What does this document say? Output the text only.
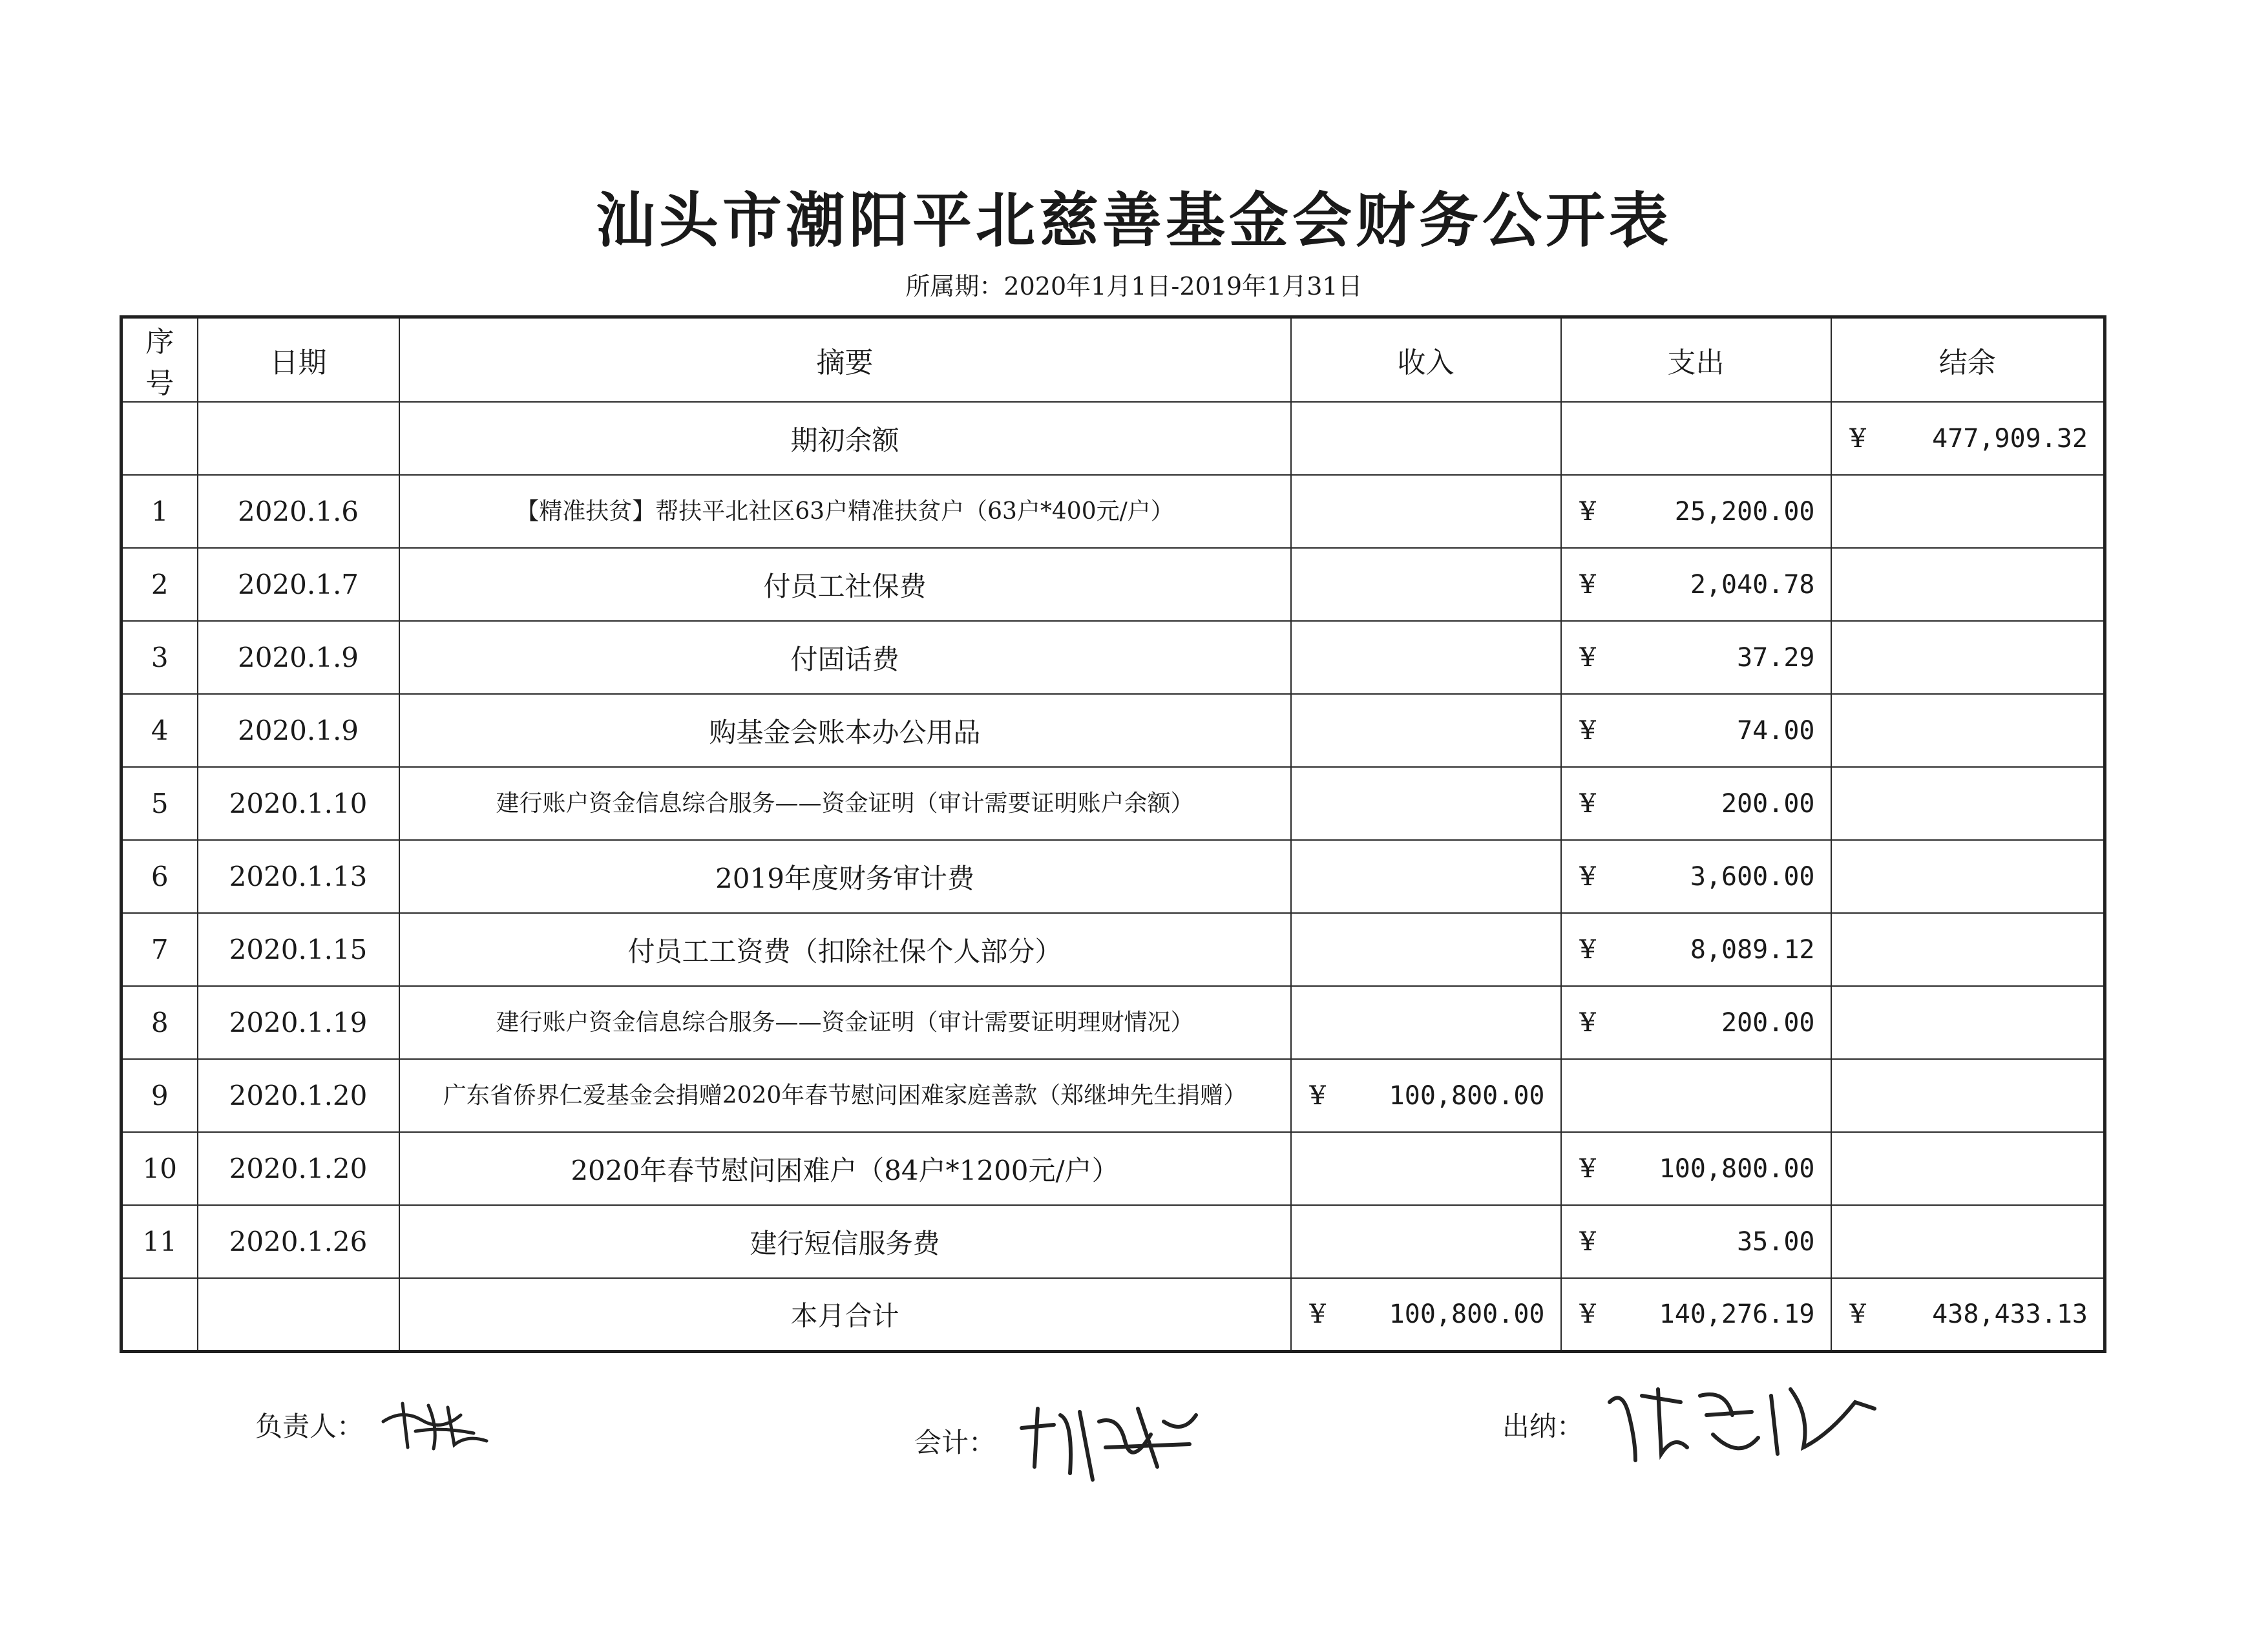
汕头市潮阳平北慈善基金会财务公开表
所属期：2020年1月1日-2019年1月31日
序号	日期	摘要	收入	支出	结余
		期初余额			¥ 477,909.32

1	2020.1.6	【精准扶贫】帮扶平北社区63户精准扶贫户（63户*400元/户）		¥ 25,200.00	

2	2020.1.7	付员工社保费		¥ 2,040.78	

3	2020.1.9	付固话费		¥ 37.29	

4	2020.1.9	购基金会账本办公用品		¥ 74.00	

5	2020.1.10	建行账户资金信息综合服务——资金证明（审计需要证明账户余额）		¥ 200.00	

6	2020.1.13	2019年度财务审计费		¥ 3,600.00	

7	2020.1.15	付员工工资费（扣除社保个人部分）		¥ 8,089.12	

8	2020.1.19	建行账户资金信息综合服务——资金证明（审计需要证明理财情况）		¥ 200.00	

9	2020.1.20	广东省侨界仁爱基金会捐赠2020年春节慰问困难家庭善款（郑继坤先生捐赠）	¥ 100,800.00		

10	2020.1.20	2020年春节慰问困难户（84户*1200元/户）		¥ 100,800.00	

11	2020.1.26	建行短信服务费		¥ 35.00	

		本月合计	¥ 100,800.00	¥ 140,276.19	¥ 438,433.13
负责人：
会计：
出纳：
